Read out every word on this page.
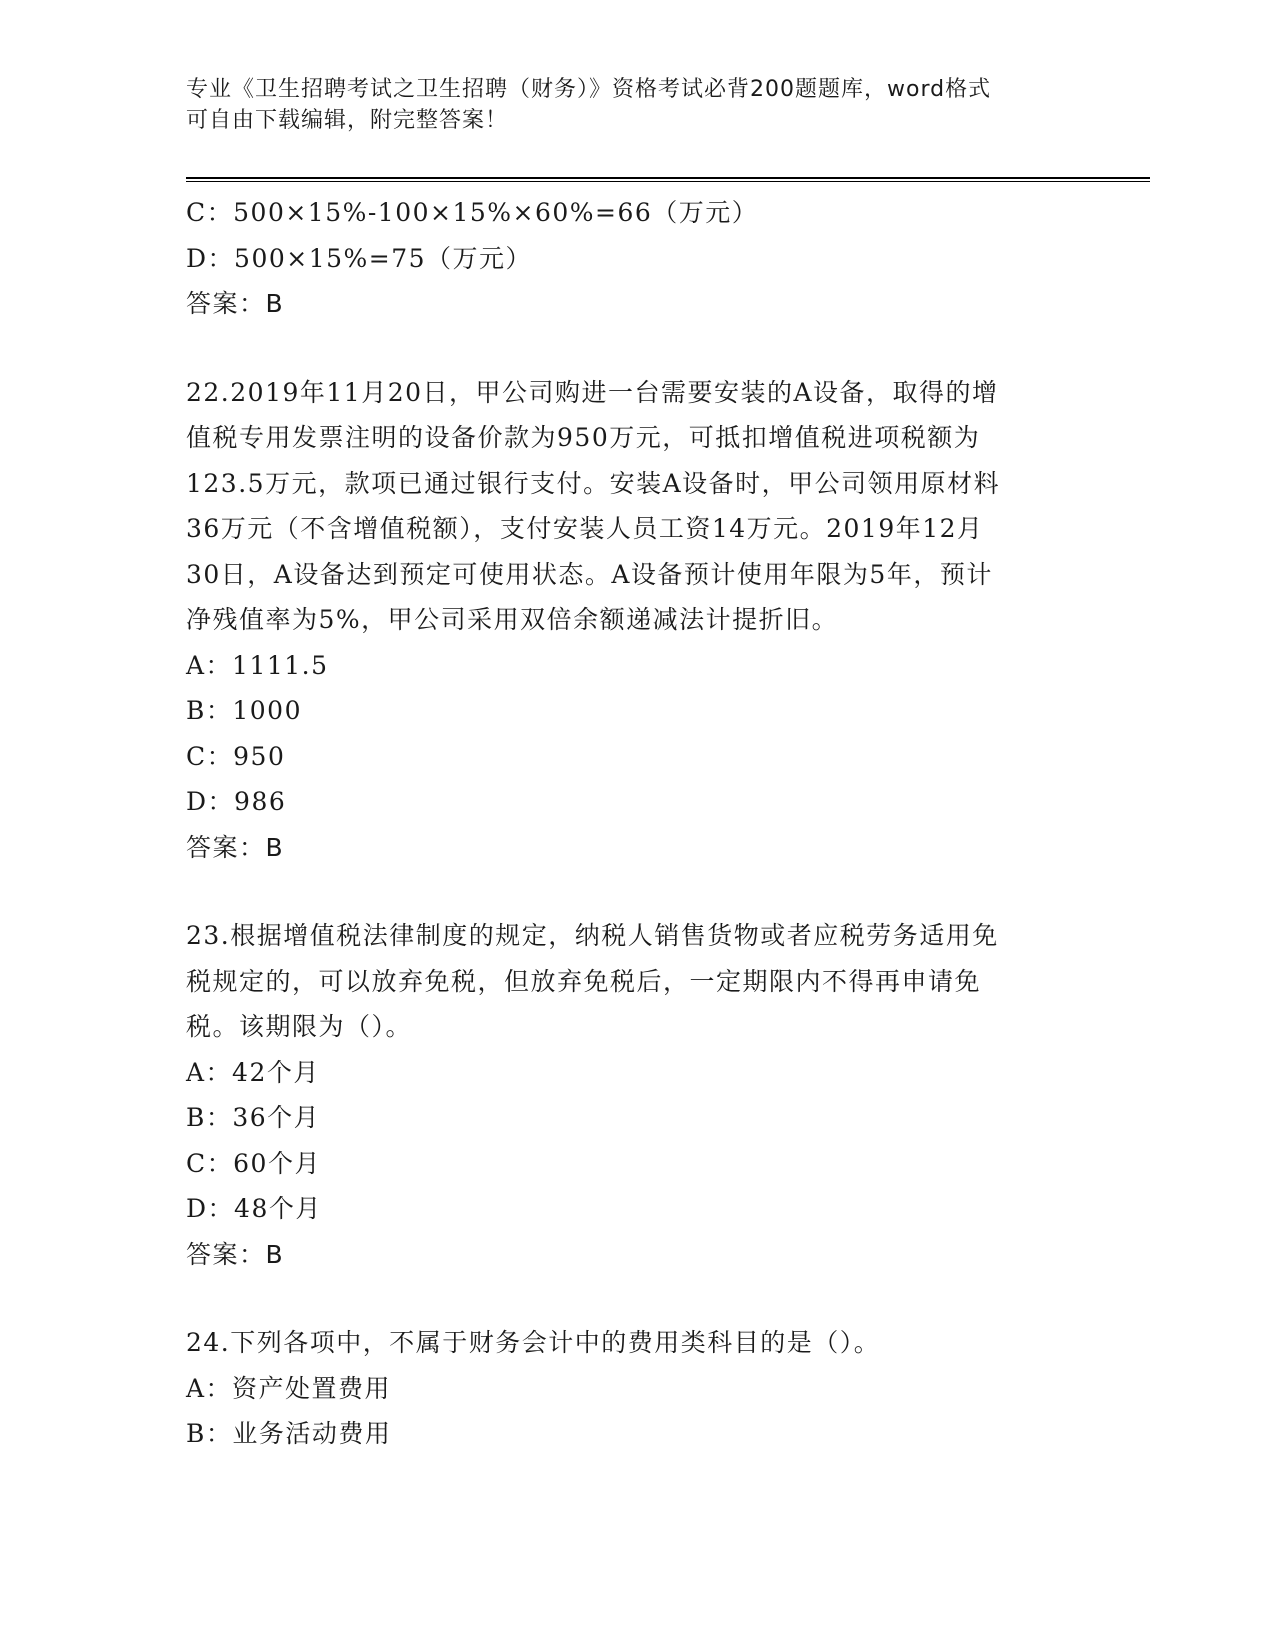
专业《卫生招聘考试之卫生招聘（财务）》资格考试必背200题题库，word格式
可自由下载编辑，附完整答案！
C：500×15%-100×15%×60%=66（万元）
D：500×15%=75（万元）
答案：B
22.2019年11月20日，甲公司购进一台需要安装的A设备，取得的增
值税专用发票注明的设备价款为950万元，可抵扣增值税进项税额为
123.5万元，款项已通过银行支付。安装A设备时，甲公司领用原材料
36万元（不含增值税额），支付安装人员工资14万元。2019年12月
30日，A设备达到预定可使用状态。A设备预计使用年限为5年，预计
净残值率为5%，甲公司采用双倍余额递减法计提折旧。
A：1111.5
B：1000
C：950
D：986
答案：B
23.根据增值税法律制度的规定，纳税人销售货物或者应税劳务适用免
税规定的，可以放弃免税，但放弃免税后，一定期限内不得再申请免
税。该期限为（）。
A：42个月
B：36个月
C：60个月
D：48个月
答案：B
24.下列各项中，不属于财务会计中的费用类科目的是（）。
A：资产处置费用
B：业务活动费用
